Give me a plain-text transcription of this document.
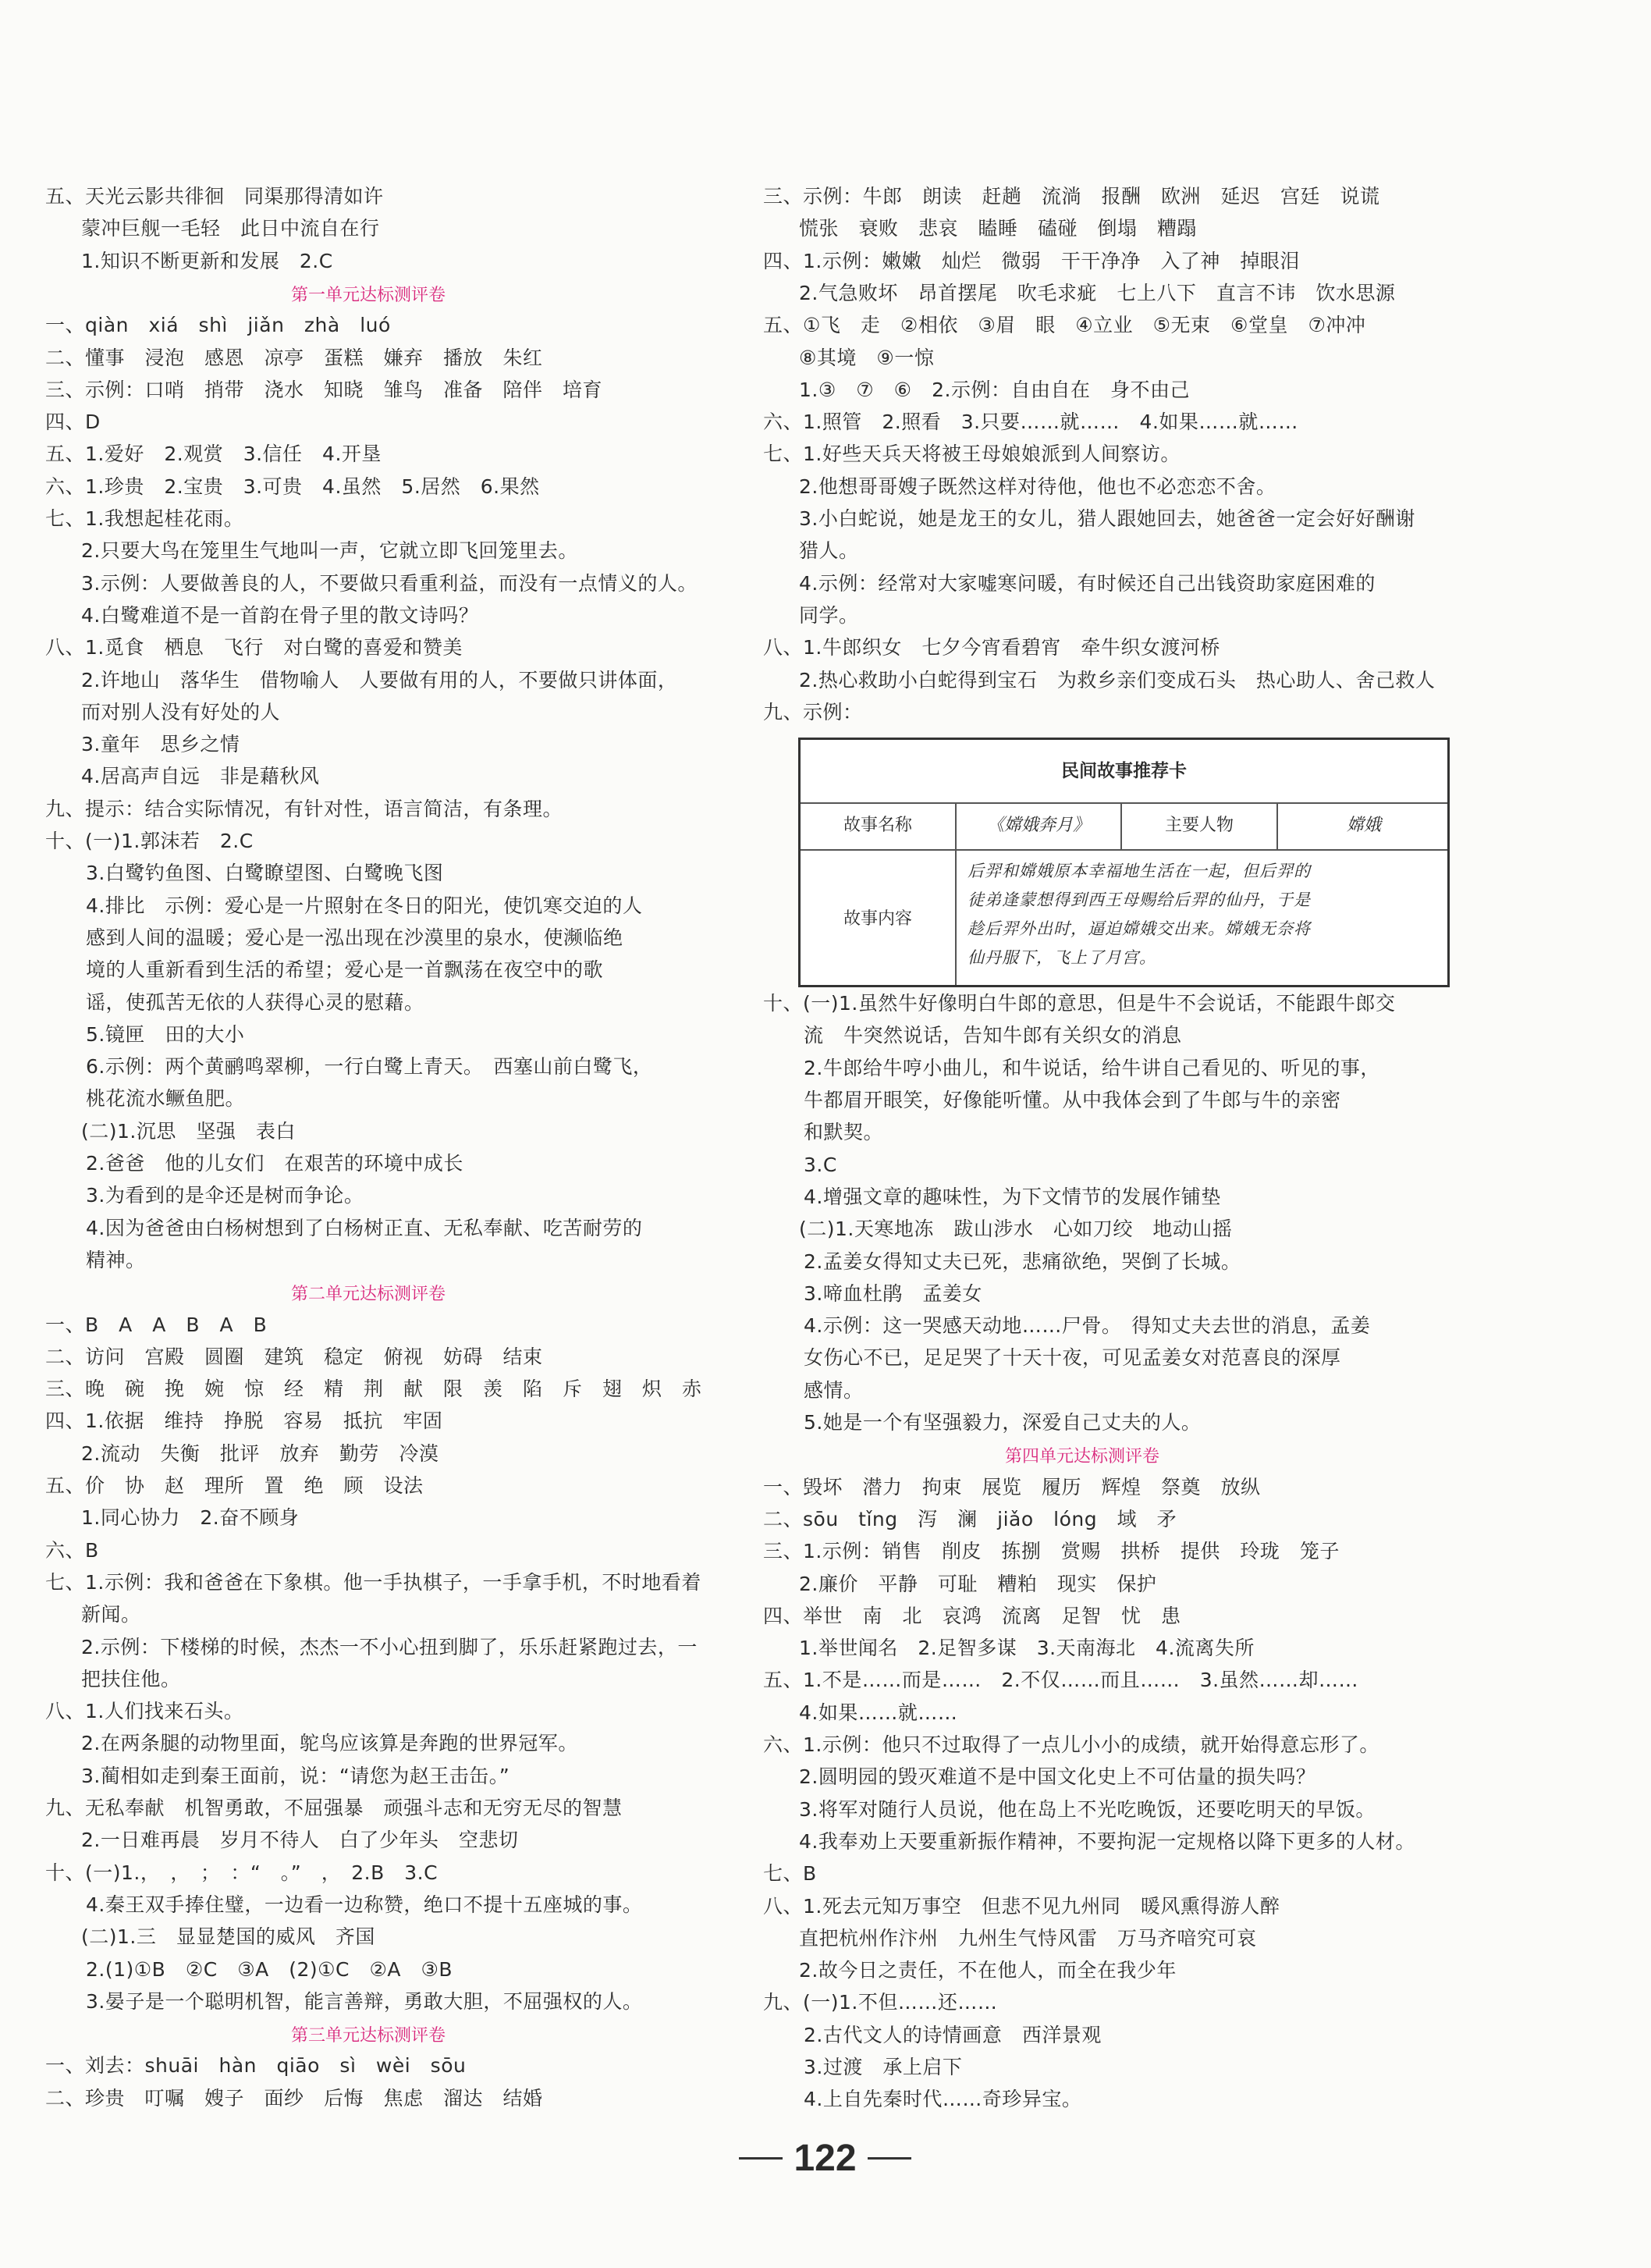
五、天光云影共徘徊　同渠那得清如许
蒙冲巨舰一毛轻　此日中流自在行
1.知识不断更新和发展　2.C
第一单元达标测评卷
一、qiàn　xiá　shì　jiǎn　zhà　luó
二、懂事　浸泡　感恩　凉亭　蛋糕　嫌弃　播放　朱红
三、示例：口哨　捎带　浇水　知晓　雏鸟　准备　陪伴　培育
四、D
五、1.爱好　2.观赏　3.信任　4.开垦
六、1.珍贵　2.宝贵　3.可贵　4.虽然　5.居然　6.果然
七、1.我想起桂花雨。
2.只要大鸟在笼里生气地叫一声，它就立即飞回笼里去。
3.示例：人要做善良的人，不要做只看重利益，而没有一点情义的人。
4.白鹭难道不是一首韵在骨子里的散文诗吗？
八、1.觅食　栖息　飞行　对白鹭的喜爱和赞美
2.许地山　落华生　借物喻人　人要做有用的人，不要做只讲体面，
而对别人没有好处的人
3.童年　思乡之情
4.居高声自远　非是藉秋风
九、提示：结合实际情况，有针对性，语言简洁，有条理。
十、(一)1.郭沫若　2.C
3.白鹭钓鱼图、白鹭瞭望图、白鹭晚飞图
4.排比　示例：爱心是一片照射在冬日的阳光，使饥寒交迫的人
感到人间的温暖；爱心是一泓出现在沙漠里的泉水，使濒临绝
境的人重新看到生活的希望；爱心是一首飘荡在夜空中的歌
谣，使孤苦无依的人获得心灵的慰藉。
5.镜匣　田的大小
6.示例：两个黄鹂鸣翠柳，一行白鹭上青天。　西塞山前白鹭飞，
桃花流水鳜鱼肥。
(二)1.沉思　坚强　表白
2.爸爸　他的儿女们　在艰苦的环境中成长
3.为看到的是伞还是树而争论。
4.因为爸爸由白杨树想到了白杨树正直、无私奉献、吃苦耐劳的
精神。
第二单元达标测评卷
一、B　A　A　B　A　B
二、访问　宫殿　圆圈　建筑　稳定　俯视　妨碍　结束
三、晚　碗　挽　婉　惊　经　精　荆　献　限　羡　陷　斥　翅　炽　赤
四、1.依据　维持　挣脱　容易　抵抗　牢固
2.流动　失衡　批评　放弃　勤劳　冷漠
五、价　协　赵　理所　置　绝　顾　设法
1.同心协力　2.奋不顾身
六、B
七、1.示例：我和爸爸在下象棋。他一手执棋子，一手拿手机，不时地看着
新闻。
2.示例：下楼梯的时候，杰杰一不小心扭到脚了，乐乐赶紧跑过去，一
把扶住他。
八、1.人们找来石头。
2.在两条腿的动物里面，鸵鸟应该算是奔跑的世界冠军。
3.蔺相如走到秦王面前，说：“请您为赵王击缶。”
九、无私奉献　机智勇敢，不屈强暴　顽强斗志和无穷无尽的智慧
2.一日难再晨　岁月不待人　白了少年头　空悲切
十、(一)1.，　，　；　：“　。”　，　2.B　3.C
4.秦王双手捧住璧，一边看一边称赞，绝口不提十五座城的事。
(二)1.三　显显楚国的威风　齐国
2.(1)①B　②C　③A　(2)①C　②A　③B
3.晏子是一个聪明机智，能言善辩，勇敢大胆，不屈强权的人。
第三单元达标测评卷
一、刘去：shuāi　hàn　qiāo　sì　wèi　sōu
二、珍贵　叮嘱　嫂子　面纱　后悔　焦虑　溜达　结婚
三、示例：牛郎　朗读　赶趟　流淌　报酬　欧洲　延迟　宫廷　说谎
慌张　衰败　悲哀　瞌睡　磕碰　倒塌　糟蹋
四、1.示例：嫩嫩　灿烂　微弱　干干净净　入了神　掉眼泪
2.气急败坏　昂首摆尾　吹毛求疵　七上八下　直言不讳　饮水思源
五、①飞　走　②相依　③眉　眼　④立业　⑤无束　⑥堂皇　⑦冲冲
⑧其境　⑨一惊
1.③　⑦　⑥　2.示例：自由自在　身不由己
六、1.照管　2.照看　3.只要……就……　4.如果……就……
七、1.好些天兵天将被王母娘娘派到人间察访。
2.他想哥哥嫂子既然这样对待他，他也不必恋恋不舍。
3.小白蛇说，她是龙王的女儿，猎人跟她回去，她爸爸一定会好好酬谢
猎人。
4.示例：经常对大家嘘寒问暖，有时候还自己出钱资助家庭困难的
同学。
八、1.牛郎织女　七夕今宵看碧宵　牵牛织女渡河桥
2.热心救助小白蛇得到宝石　为救乡亲们变成石头　热心助人、舍己救人
九、示例：
民间故事推荐卡
故事名称	《嫦娥奔月》	主要人物	嫦娥
故事内容
后羿和嫦娥原本幸福地生活在一起，但后羿的
徒弟逢蒙想得到西王母赐给后羿的仙丹，于是
趁后羿外出时，逼迫嫦娥交出来。嫦娥无奈将
仙丹服下，飞上了月宫。
十、(一)1.虽然牛好像明白牛郎的意思，但是牛不会说话，不能跟牛郎交
流　牛突然说话，告知牛郎有关织女的消息
2.牛郎给牛哼小曲儿，和牛说话，给牛讲自己看见的、听见的事，
牛都眉开眼笑，好像能听懂。从中我体会到了牛郎与牛的亲密
和默契。
3.C
4.增强文章的趣味性，为下文情节的发展作铺垫
(二)1.天寒地冻　跋山涉水　心如刀绞　地动山摇
2.孟姜女得知丈夫已死，悲痛欲绝，哭倒了长城。
3.啼血杜鹃　孟姜女
4.示例：这一哭感天动地……尸骨。　得知丈夫去世的消息，孟姜
女伤心不已，足足哭了十天十夜，可见孟姜女对范喜良的深厚
感情。
5.她是一个有坚强毅力，深爱自己丈夫的人。
第四单元达标测评卷
一、毁坏　潜力　拘束　展览　履历　辉煌　祭奠　放纵
二、sōu　tǐng　泻　澜　jiǎo　lóng　域　矛
三、1.示例：销售　削皮　拣捌　赏赐　拱桥　提供　玲珑　笼子
2.廉价　平静　可耻　糟粕　现实　保护
四、举世　南　北　哀鸿　流离　足智　忧　患
1.举世闻名　2.足智多谋　3.天南海北　4.流离失所
五、1.不是……而是……　2.不仅……而且……　3.虽然……却……
4.如果……就……
六、1.示例：他只不过取得了一点儿小小的成绩，就开始得意忘形了。
2.圆明园的毁灭难道不是中国文化史上不可估量的损失吗？
3.将军对随行人员说，他在岛上不光吃晚饭，还要吃明天的早饭。
4.我奉劝上天要重新振作精神，不要拘泥一定规格以降下更多的人材。
七、B
八、1.死去元知万事空　但悲不见九州同　暖风熏得游人醉
直把杭州作汴州　九州生气恃风雷　万马齐喑究可哀
2.故今日之责任，不在他人，而全在我少年
九、(一)1.不但……还……
2.古代文人的诗情画意　西洋景观
3.过渡　承上启下
4.上自先秦时代……奇珍异宝。
122
